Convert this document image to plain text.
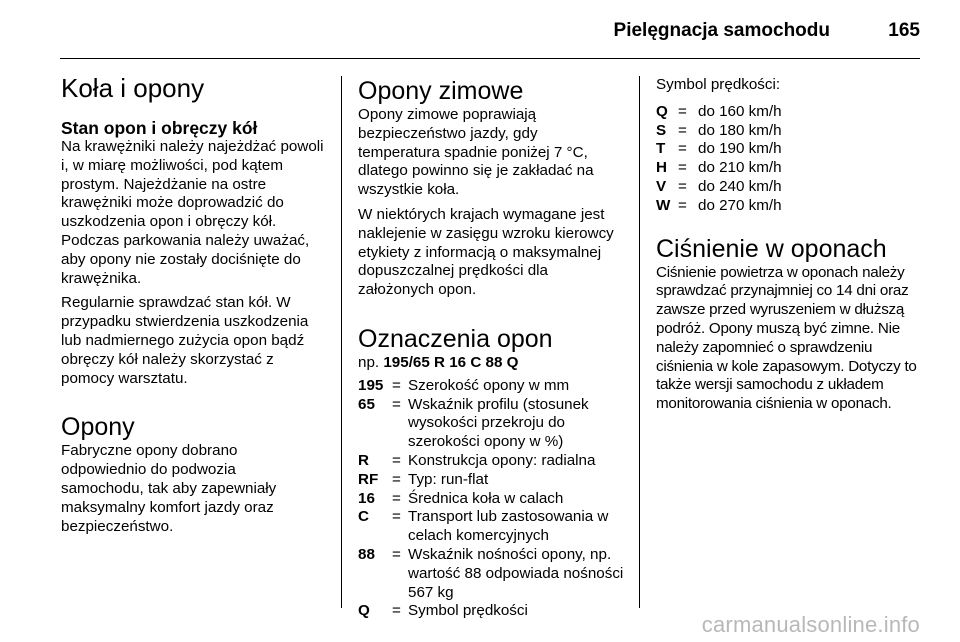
Pielęgnacja samochodu	165
Koła i opony
Stan opon i obręczy kół

Na krawężniki należy najeżdżać powoli i, w miarę możliwości, pod kątem prostym. Najeżdżanie na ostre krawężniki może doprowadzić do uszkodzenia opon i obręczy kół. Podczas parkowania należy uważać, aby opony nie zostały dociśnięte do krawężnika.

Regularnie sprawdzać stan kół. W przypadku stwierdzenia uszkodzenia lub nadmiernego zużycia opon bądź obręczy kół należy skorzystać z pomocy warsztatu.

Opony

Fabryczne opony dobrano odpowiednio do podwozia samochodu, tak aby zapewniały maksymalny komfort jazdy oraz bezpieczeństwo.

Opony zimowe

Opony zimowe poprawiają bezpieczeństwo jazdy, gdy temperatura spadnie poniżej 7 °C, dlatego powinno się je zakładać na wszystkie koła.

W niektórych krajach wymagane jest naklejenie w zasięgu wzroku kierowcy etykiety z informacją o maksymalnej dopuszczalnej prędkości dla założonych opon.

Oznaczenia opon

np. 195/65 R 16 C 88 Q

195 = Szerokość opony w mm
65	= Wskaźnik profilu (stosunek wysokości przekroju do szerokości opony w %)
R	= Konstrukcja opony: radialna
RF = Typ: run-flat
16	= Średnica koła w calach
C	= Transport lub zastosowania w celach komercyjnych
88	= Wskaźnik nośności opony, np. wartość 88 odpowiada nośności 567 kg
Q	= Symbol prędkości

Symbol prędkości:

Q = do 160 km/h
S = do 180 km/h
T = do 190 km/h
H = do 210 km/h
V = do 240 km/h
W = do 270 km/h
Ciśnienie w oponach

Ciśnienie powietrza w oponach należy sprawdzać przynajmniej co 14 dni oraz zawsze przed wyruszeniem w dłuższą podróż. Opony muszą być zimne. Nie należy zapomnieć o sprawdzeniu ciśnienia w kole zapasowym. Dotyczy to także wersji samochodu z układem monitorowania ciśnienia w oponach.

carmanualsonline.info
